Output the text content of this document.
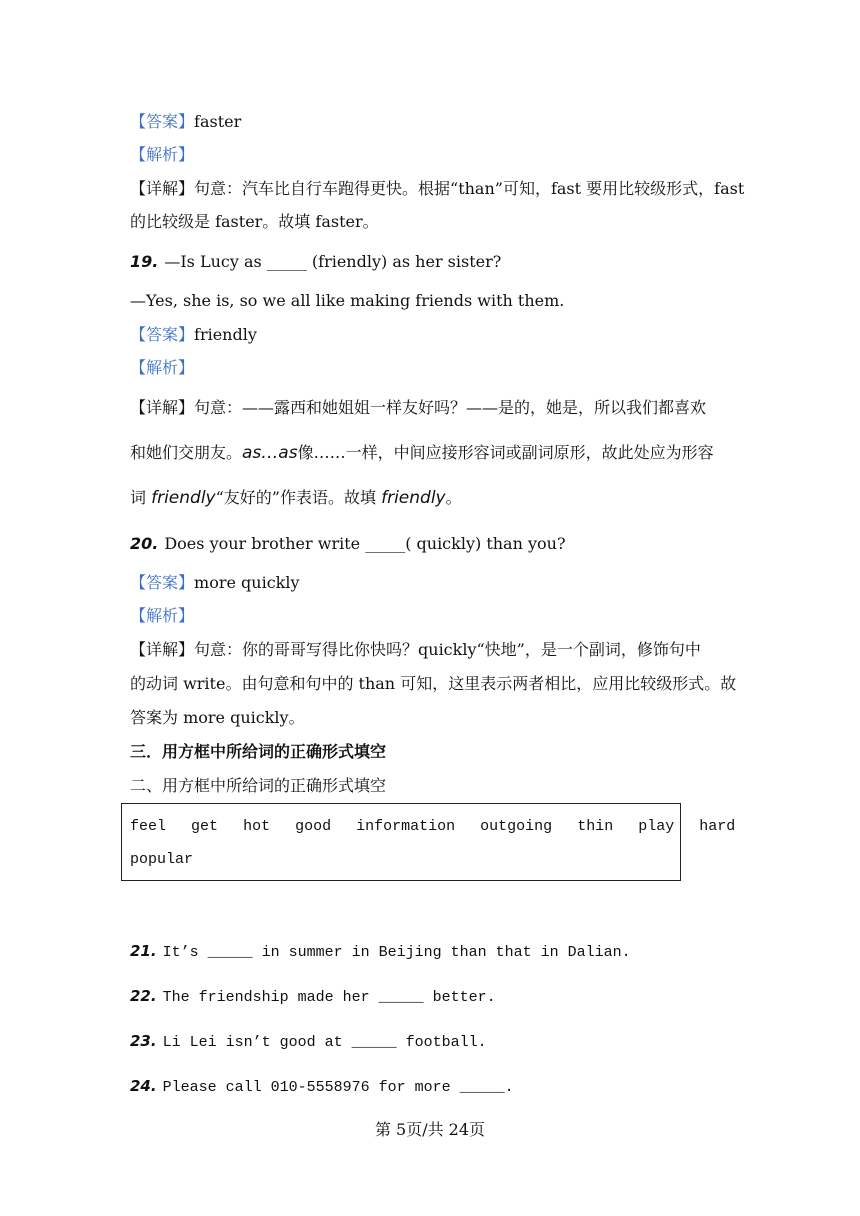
【答案】faster
【解析】
【详解】句意：汽车比自行车跑得更快。根据“than”可知，fast 要用比较级形式，fast
的比较级是 faster。故填 faster。
19. —Is Lucy as _____ (friendly) as her sister?
—Yes, she is, so we all like making friends with them.
【答案】friendly
【解析】
【详解】句意：——露西和她姐姐一样友好吗？——是的，她是，所以我们都喜欢
和她们交朋友。as…as像……一样，中间应接形容词或副词原形，故此处应为形容
词 friendly“友好的”作表语。故填 friendly。
20. Does your brother write _____( quickly) than you?
【答案】more quickly
【解析】
【详解】句意：你的哥哥写得比你快吗？quickly“快地”，是一个副词，修饰句中
的动词 write。由句意和句中的 than 可知，这里表示两者相比，应用比较级形式。故
答案为 more quickly。
三．用方框中所给词的正确形式填空
二、用方框中所给词的正确形式填空
feel get hot good information outgoing thin play hard
popular
21. It’s _____ in summer in Beijing than that in Dalian.
22. The friendship made her _____ better.
23. Li Lei isn’t good at _____ football.
24. Please call 010-5558976 for more _____.
第 5页/共 24页
